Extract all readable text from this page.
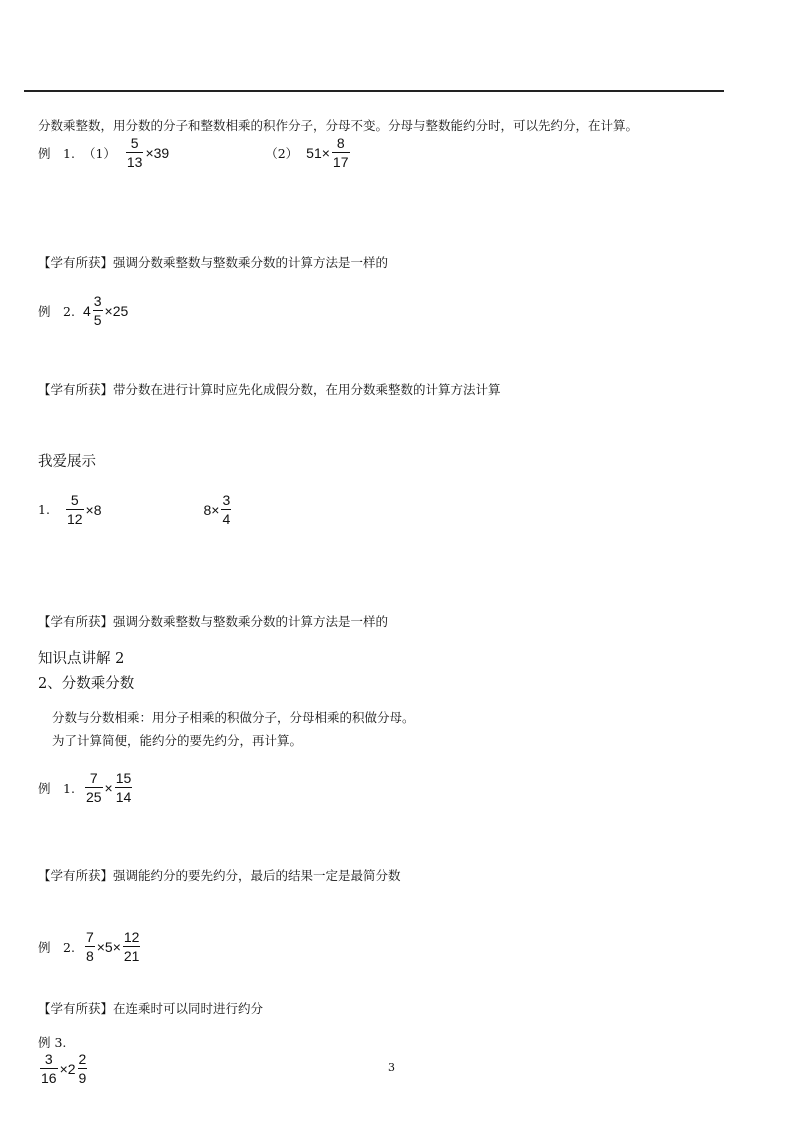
分数乘整数，用分数的分子和整数相乘的积作分子，分母不变。分母与整数能约分时，可以先约分，在计算。
例　1. $(1) \frac{5}{13} \times 39$	（2） $51\times \frac{8}{17}$
【学有所获】强调分数乘整数与整数乘分数的计算方法是一样的
例　2. $4 \frac{3}{5} \times 25$
【学有所获】带分数在进行计算时应先化成假分数，在用分数乘整数的计算方法计算
我爱展示
1. $\frac{5}{12} \times 8$	$8\times \frac{3}{4}$
【学有所获】强调分数乘整数与整数乘分数的计算方法是一样的
知识点讲解 2
2、分数乘分数
分数与分数相乘：用分子相乘的积做分子，分母相乘的积做分母。
为了计算简便，能约分的要先约分，再计算。
例　1. $\frac{7}{25} \times \frac{15}{14}$
【学有所获】强调能约分的要先约分，最后的结果一定是最简分数
例　2. $\frac{7}{8} \times 5\times \frac{12}{21}$
【学有所获】在连乘时可以同时进行约分
例 3.
$\frac{3}{16} \times 2 \frac{2}{9}$	3
